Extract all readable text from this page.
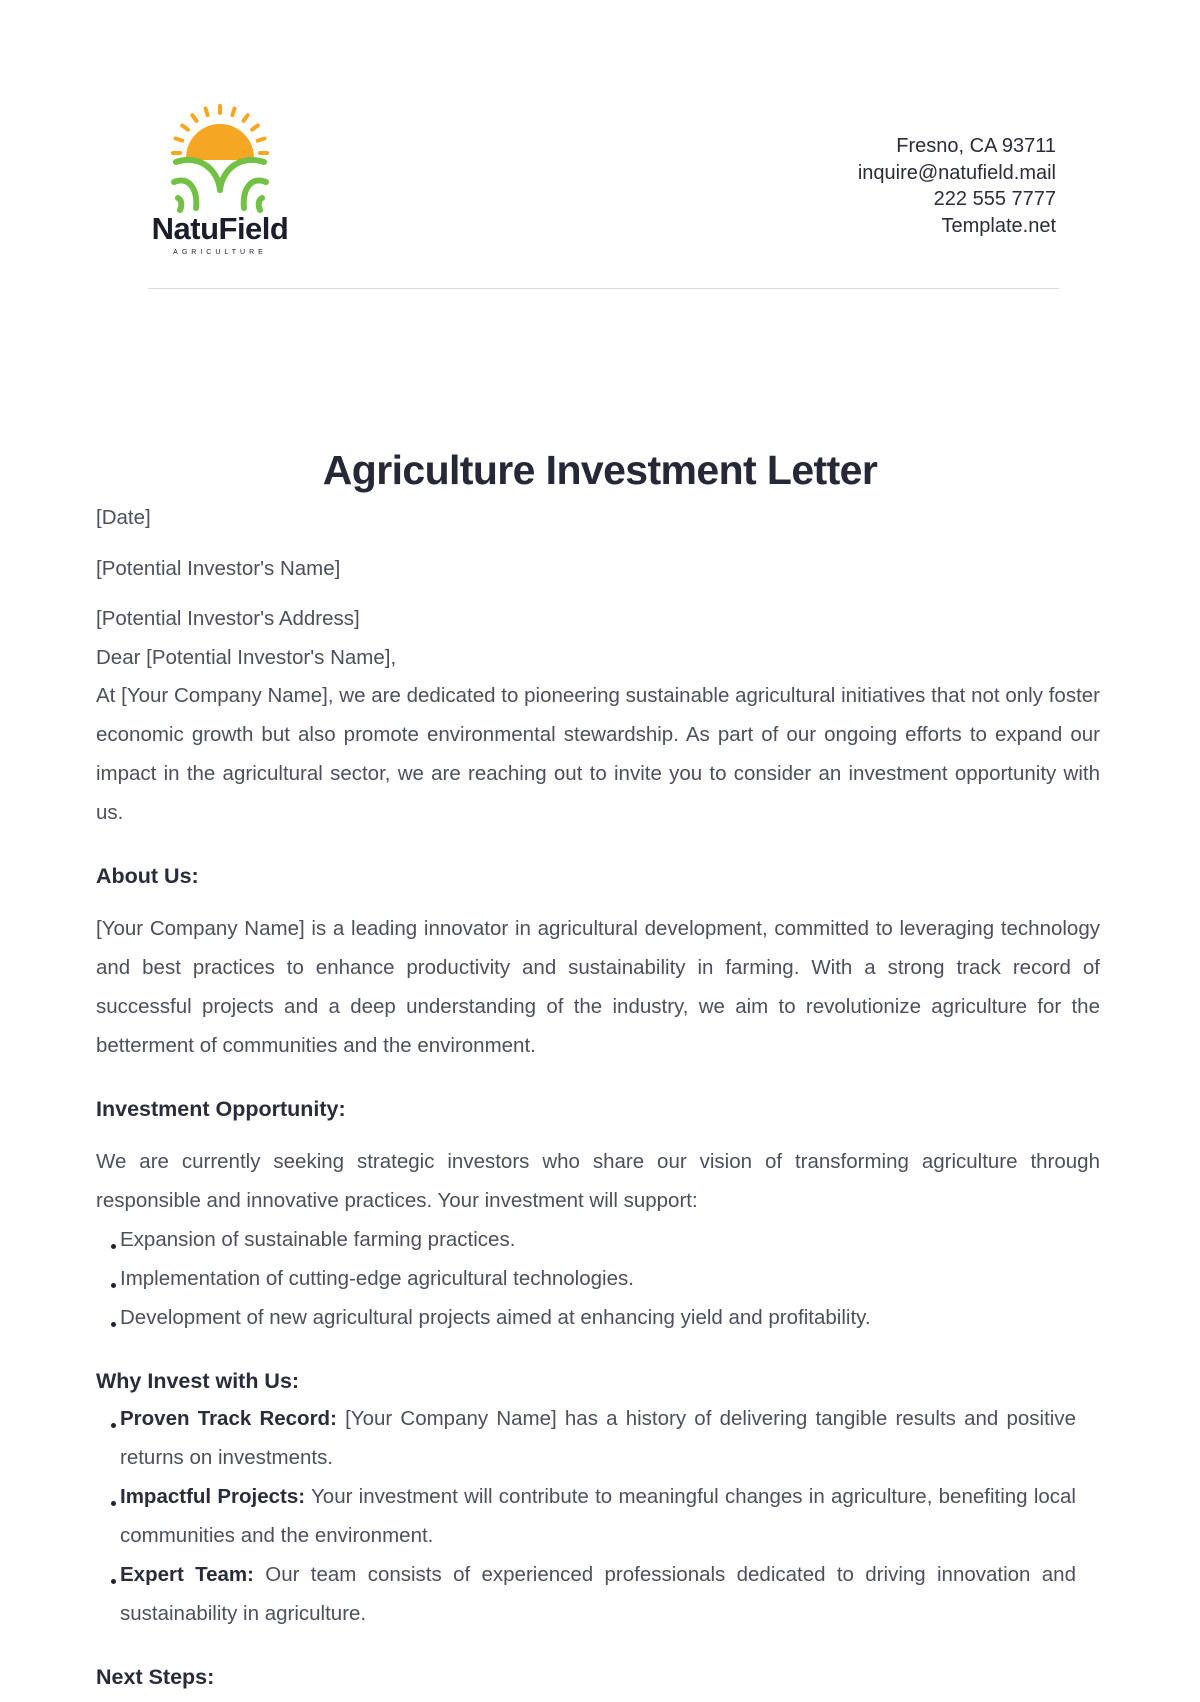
NatuField
AGRICULTURE
Fresno, CA 93711
inquire@natufield.mail
222 555 7777
Template.net
Agriculture Investment Letter

[Date]

[Potential Investor's Name]

[Potential Investor's Address]

Dear [Potential Investor's Name],

At [Your Company Name], we are dedicated to pioneering sustainable agricultural initiatives that not only foster economic growth but also promote environmental stewardship. As part of our ongoing efforts to expand our impact in the agricultural sector, we are reaching out to invite you to consider an investment opportunity with us.

About Us:

[Your Company Name] is a leading innovator in agricultural development, committed to leveraging technology and best practices to enhance productivity and sustainability in farming. With a strong track record of successful projects and a deep understanding of the industry, we aim to revolutionize agriculture for the betterment of communities and the environment.

Investment Opportunity:

We are currently seeking strategic investors who share our vision of transforming agriculture through responsible and innovative practices. Your investment will support:

Expansion of sustainable farming practices.
Implementation of cutting-edge agricultural technologies.
Development of new agricultural projects aimed at enhancing yield and profitability.
Why Invest with Us:
Proven Track Record: [Your Company Name] has a history of delivering tangible results and positive returns on investments.
Impactful Projects: Your investment will contribute to meaningful changes in agriculture, benefiting local communities and the environment.
Expert Team: Our team consists of experienced professionals dedicated to driving innovation and sustainability in agriculture.
Next Steps:
